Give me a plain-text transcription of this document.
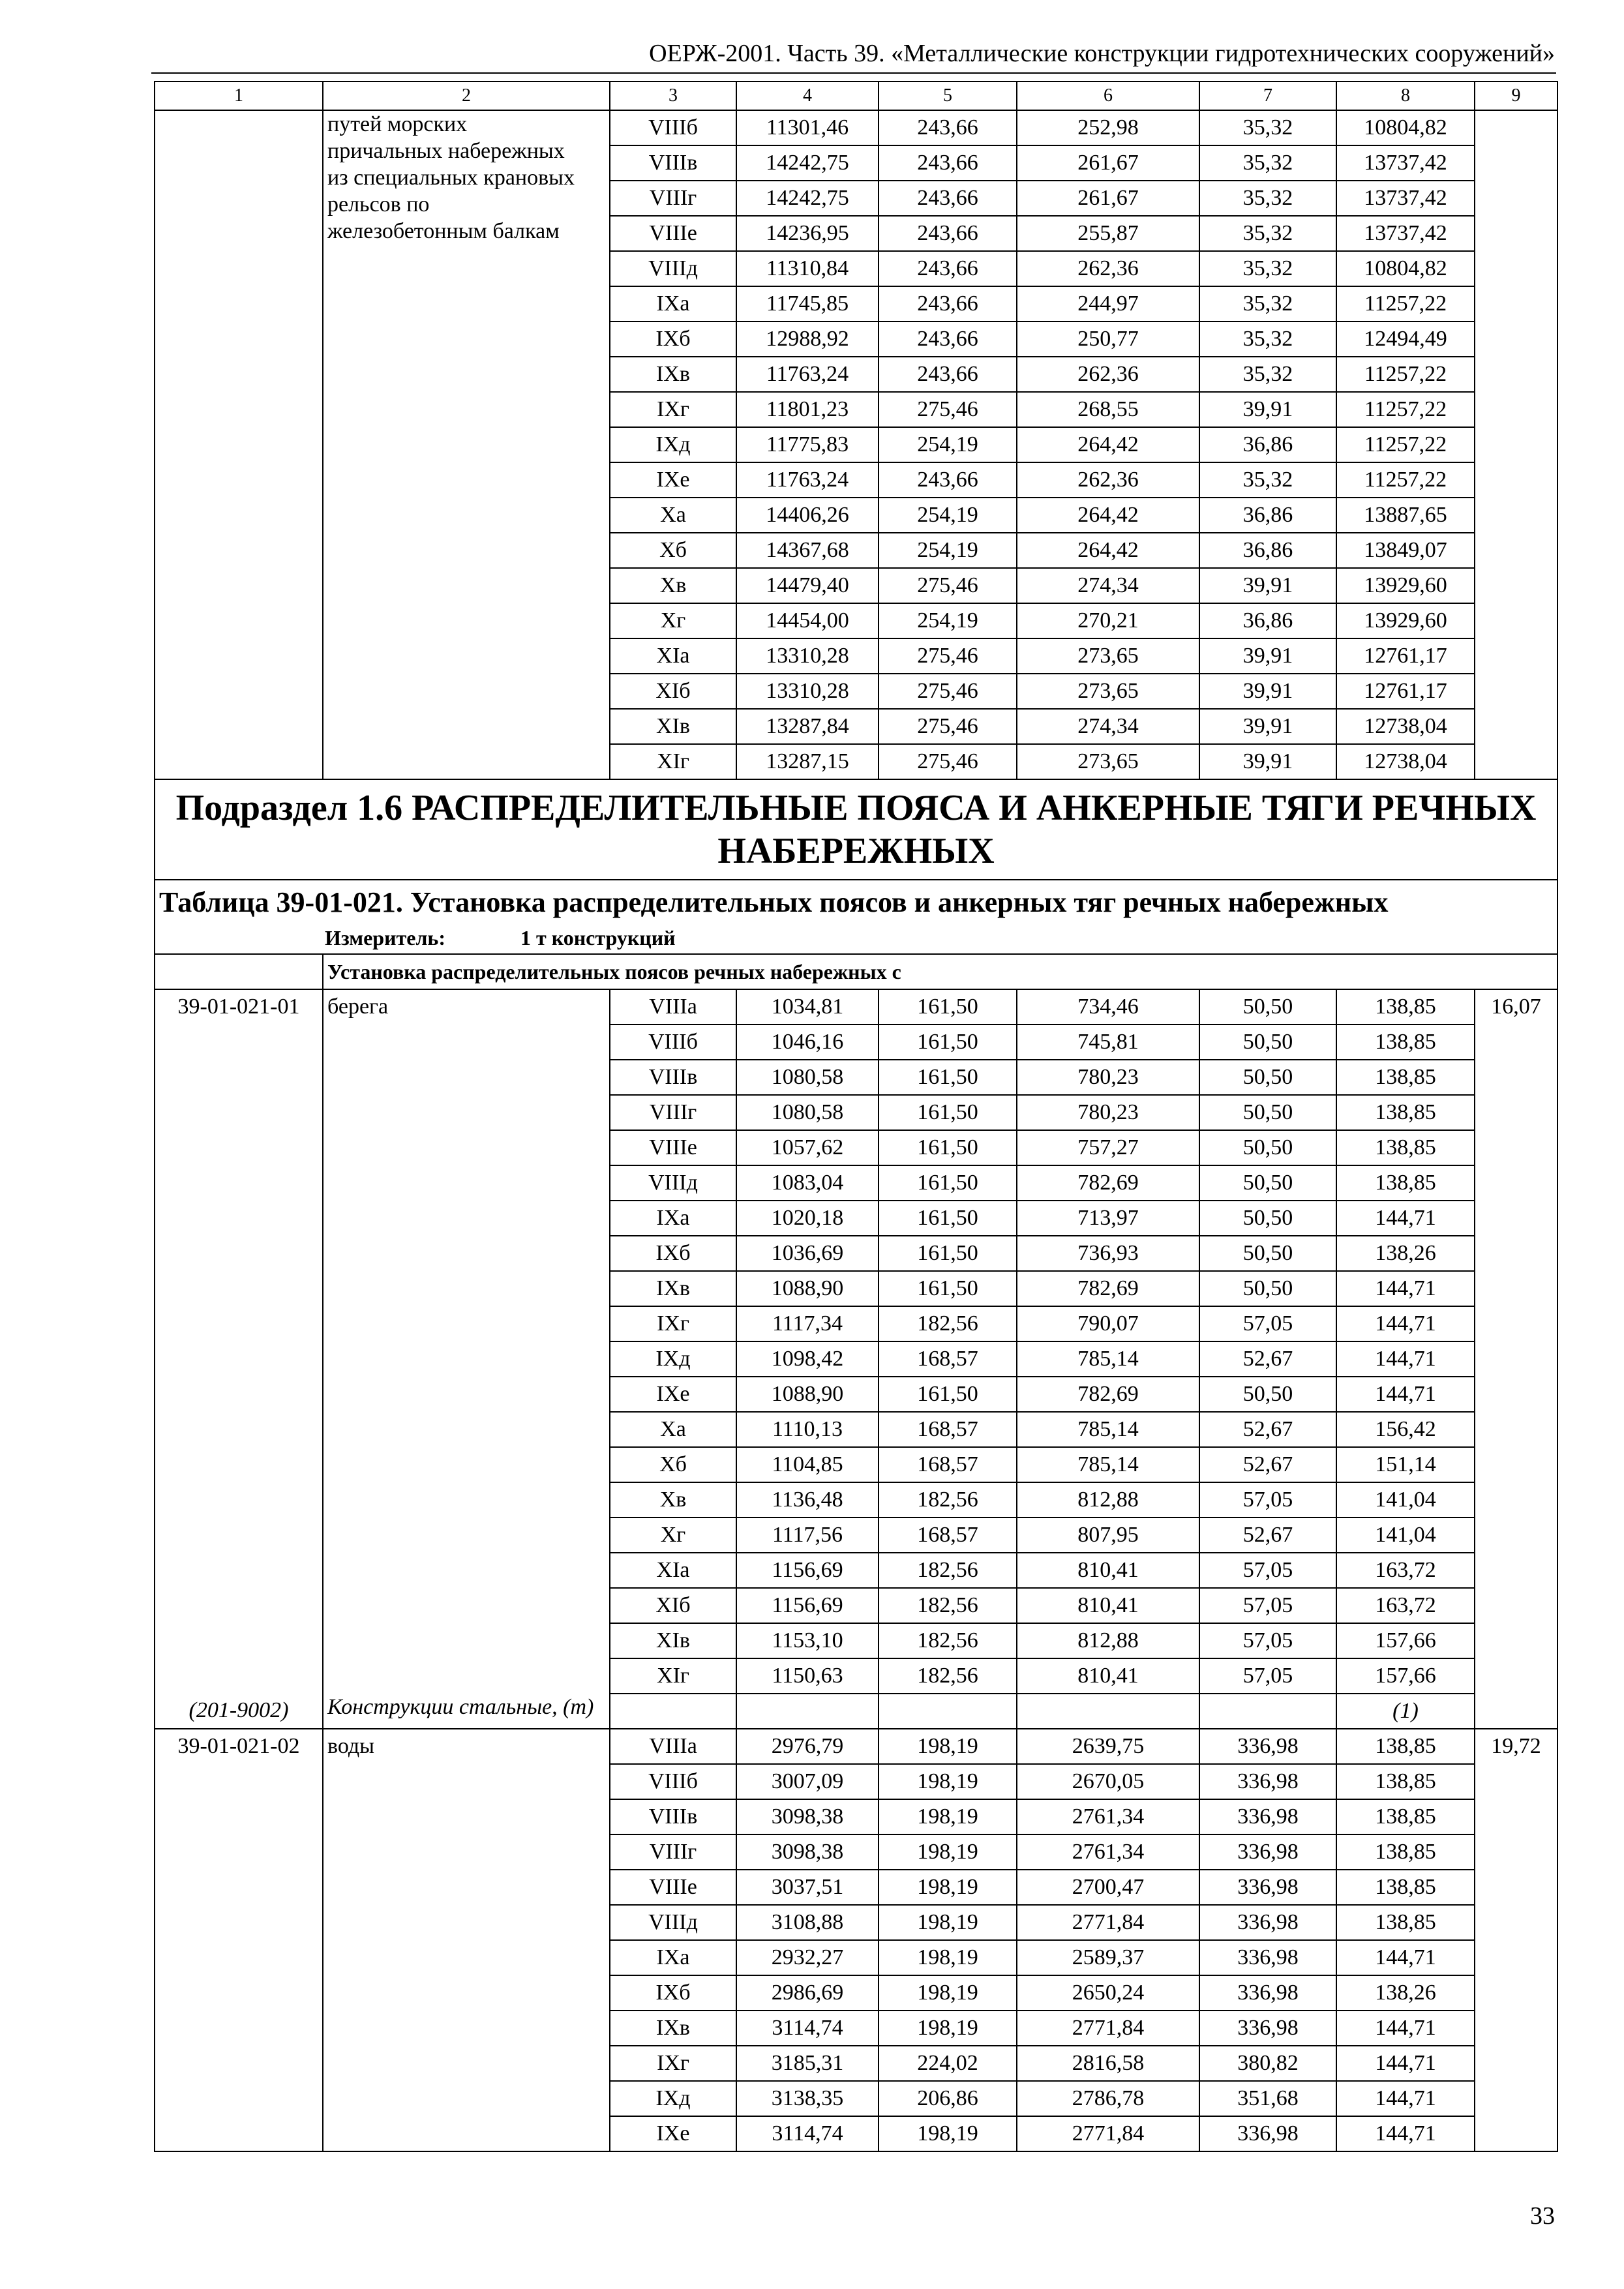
ОЕРЖ-2001. Часть 39. «Металлические конструкции гидротехнических сооружений»
1	2	3	4	5	6	7	8	9

	путей морских
причальных набережных
из специальных крановых
рельсов по
железобетонным балкам	VIIIб	11301,46	243,66	252,98	35,32	10804,82	
		VIIIв	14242,75	243,66	261,67	35,32	13737,42	
		VIIIг	14242,75	243,66	261,67	35,32	13737,42	
		VIIIе	14236,95	243,66	255,87	35,32	13737,42	
		VIIIд	11310,84	243,66	262,36	35,32	10804,82	
		IXа	11745,85	243,66	244,97	35,32	11257,22	
		IXб	12988,92	243,66	250,77	35,32	12494,49	
		IXв	11763,24	243,66	262,36	35,32	11257,22	
		IXг	11801,23	275,46	268,55	39,91	11257,22	
		IXд	11775,83	254,19	264,42	36,86	11257,22	
		IXе	11763,24	243,66	262,36	35,32	11257,22	
		Xа	14406,26	254,19	264,42	36,86	13887,65	
		Xб	14367,68	254,19	264,42	36,86	13849,07	
		Xв	14479,40	275,46	274,34	39,91	13929,60	
		Xг	14454,00	254,19	270,21	36,86	13929,60	
		XIа	13310,28	275,46	273,65	39,91	12761,17	
		XIб	13310,28	275,46	273,65	39,91	12761,17	
		XIв	13287,84	275,46	274,34	39,91	12738,04	
		XIг	13287,15	275,46	273,65	39,91	12738,04	
Подраздел 1.6 РАСПРЕДЕЛИТЕЛЬНЫЕ ПОЯСА И АНКЕРНЫЕ ТЯГИ РЕЧНЫХ НАБЕРЕЖНЫХ								

Таблица 39-01-021. Установка распределительных поясов и анкерных тяг речных набережных
Измеритель: 1 т конструкций								

	Установка распределительных поясов речных набережных с							
39-01-021-01	берега	VIIIа	1034,81	161,50	734,46	50,50	138,85	16,07
		VIIIб	1046,16	161,50	745,81	50,50	138,85	
		VIIIв	1080,58	161,50	780,23	50,50	138,85	
		VIIIг	1080,58	161,50	780,23	50,50	138,85	
		VIIIе	1057,62	161,50	757,27	50,50	138,85	
		VIIIд	1083,04	161,50	782,69	50,50	138,85	
		IXа	1020,18	161,50	713,97	50,50	144,71	
		IXб	1036,69	161,50	736,93	50,50	138,26	
		IXв	1088,90	161,50	782,69	50,50	144,71	
		IXг	1117,34	182,56	790,07	57,05	144,71	
		IXд	1098,42	168,57	785,14	52,67	144,71	
		IXе	1088,90	161,50	782,69	50,50	144,71	
		Xа	1110,13	168,57	785,14	52,67	156,42	
		Xб	1104,85	168,57	785,14	52,67	151,14	
		Xв	1136,48	182,56	812,88	57,05	141,04	
		Xг	1117,56	168,57	807,95	52,67	141,04	
		XIа	1156,69	182,56	810,41	57,05	163,72	
		XIб	1156,69	182,56	810,41	57,05	163,72	
		XIв	1153,10	182,56	812,88	57,05	157,66	
		XIг	1150,63	182,56	810,41	57,05	157,66	
(201-9002)	Конструкции стальные, (т)						(1)	
39-01-021-02	воды	VIIIа	2976,79	198,19	2639,75	336,98	138,85	19,72
		VIIIб	3007,09	198,19	2670,05	336,98	138,85	
		VIIIв	3098,38	198,19	2761,34	336,98	138,85	
		VIIIг	3098,38	198,19	2761,34	336,98	138,85	
		VIIIе	3037,51	198,19	2700,47	336,98	138,85	
		VIIIд	3108,88	198,19	2771,84	336,98	138,85	
		IXа	2932,27	198,19	2589,37	336,98	144,71	
		IXб	2986,69	198,19	2650,24	336,98	138,26	
		IXв	3114,74	198,19	2771,84	336,98	144,71	
		IXг	3185,31	224,02	2816,58	380,82	144,71	
		IXд	3138,35	206,86	2786,78	351,68	144,71	
		IXе	3114,74	198,19	2771,84	336,98	144,71	
33
